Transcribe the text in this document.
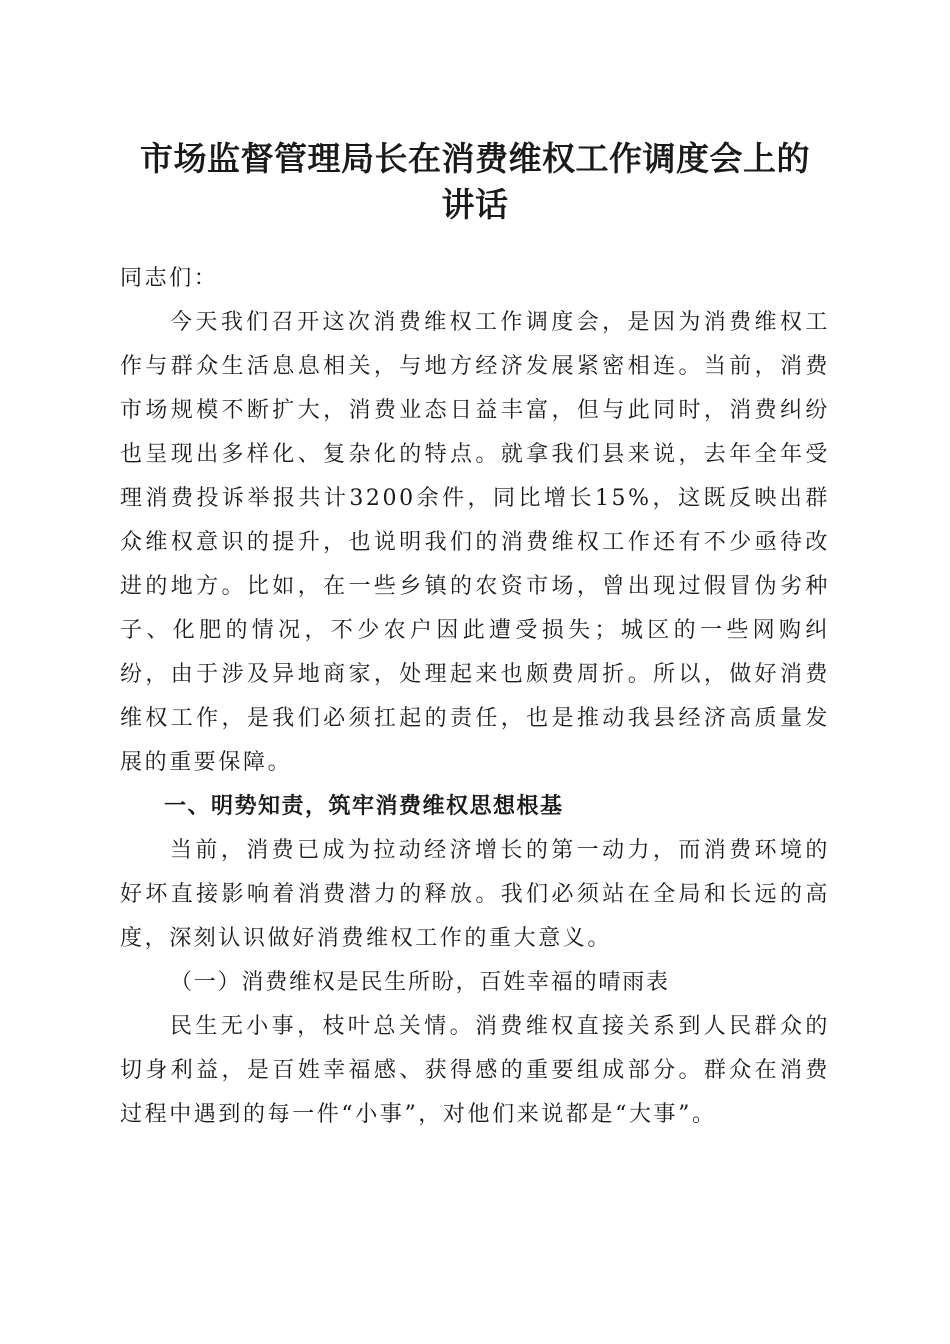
市场监督管理局长在消费维权工作调度会上的
讲话

同志们：

今天我们召开这次消费维权工作调度会，是因为消费维权工作与群众生活息息相关，与地方经济发展紧密相连。当前，消费市场规模不断扩大，消费业态日益丰富，但与此同时，消费纠纷也呈现出多样化、复杂化的特点。就拿我们县来说，去年全年受理消费投诉举报共计3200余件，同比增长15%，这既反映出群众维权意识的提升，也说明我们的消费维权工作还有不少亟待改进的地方。比如，在一些乡镇的农资市场，曾出现过假冒伪劣种子、化肥的情况，不少农户因此遭受损失；城区的一些网购纠纷，由于涉及异地商家，处理起来也颇费周折。所以，做好消费维权工作，是我们必须扛起的责任，也是推动我县经济高质量发展的重要保障。

一、明势知责，筑牢消费维权思想根基

当前，消费已成为拉动经济增长的第一动力，而消费环境的好坏直接影响着消费潜力的释放。我们必须站在全局和长远的高度，深刻认识做好消费维权工作的重大意义。

（一）消费维权是民生所盼，百姓幸福的晴雨表

民生无小事，枝叶总关情。消费维权直接关系到人民群众的切身利益，是百姓幸福感、获得感的重要组成部分。群众在消费过程中遇到的每一件“小事”，对他们来说都是“大事”。
